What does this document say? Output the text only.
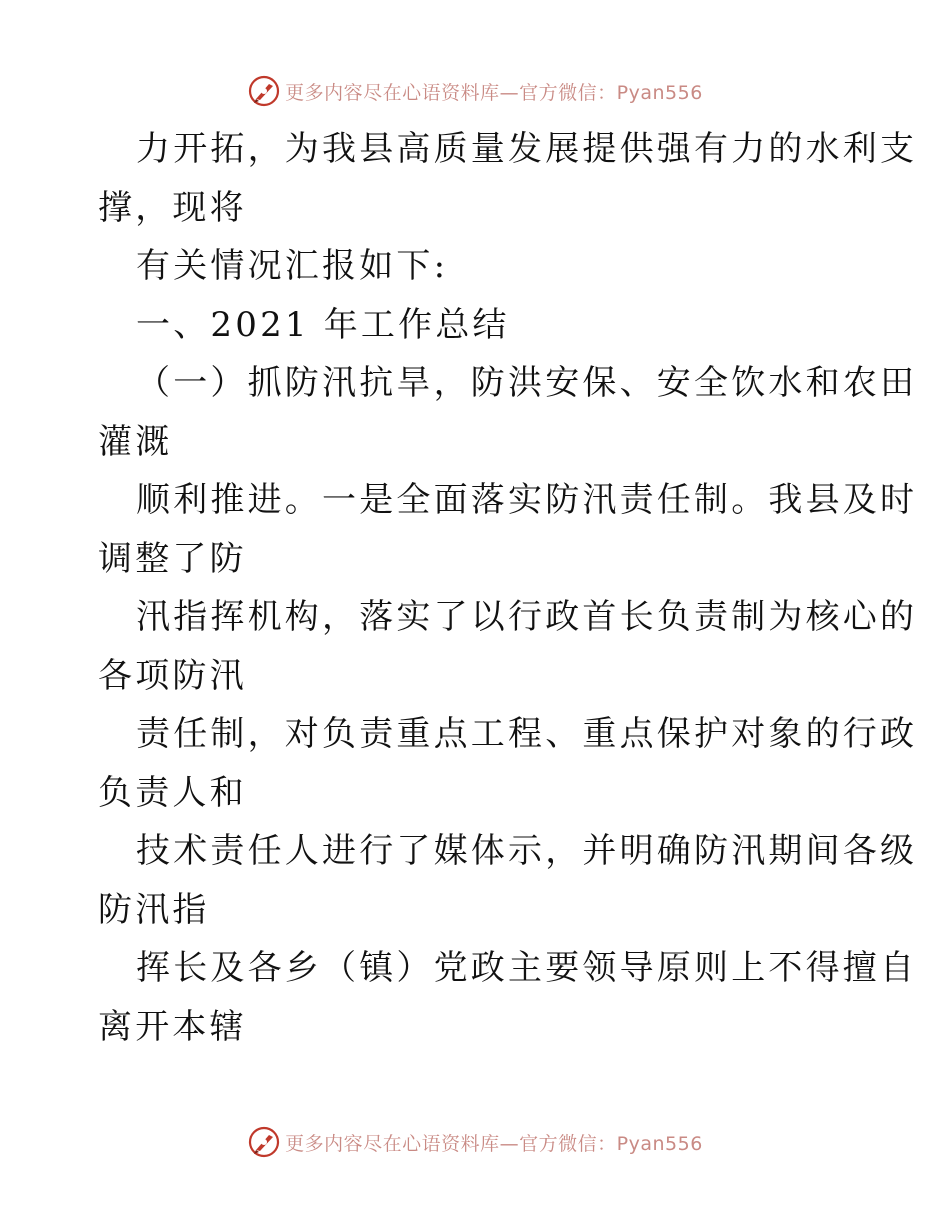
更多内容尽在心语资料库—官方微信：Pyan556

力开拓，为我县高质量发展提供强有力的水利支

撑，现将

有关情况汇报如下:

一、2021 年工作总结

（一）抓防汛抗旱，防洪安保、安全饮水和农田

灌溉

顺利推进。一是全面落实防汛责任制。我县及时

调整了防

汛指挥机构，落实了以行政首长负责制为核心的

各项防汛

责任制，对负责重点工程、重点保护对象的行政

负责人和

技术责任人进行了媒体示，并明确防汛期间各级

防汛指

挥长及各乡（镇）党政主要领导原则上不得擅自

离开本辖

更多内容尽在心语资料库—官方微信：Pyan556
